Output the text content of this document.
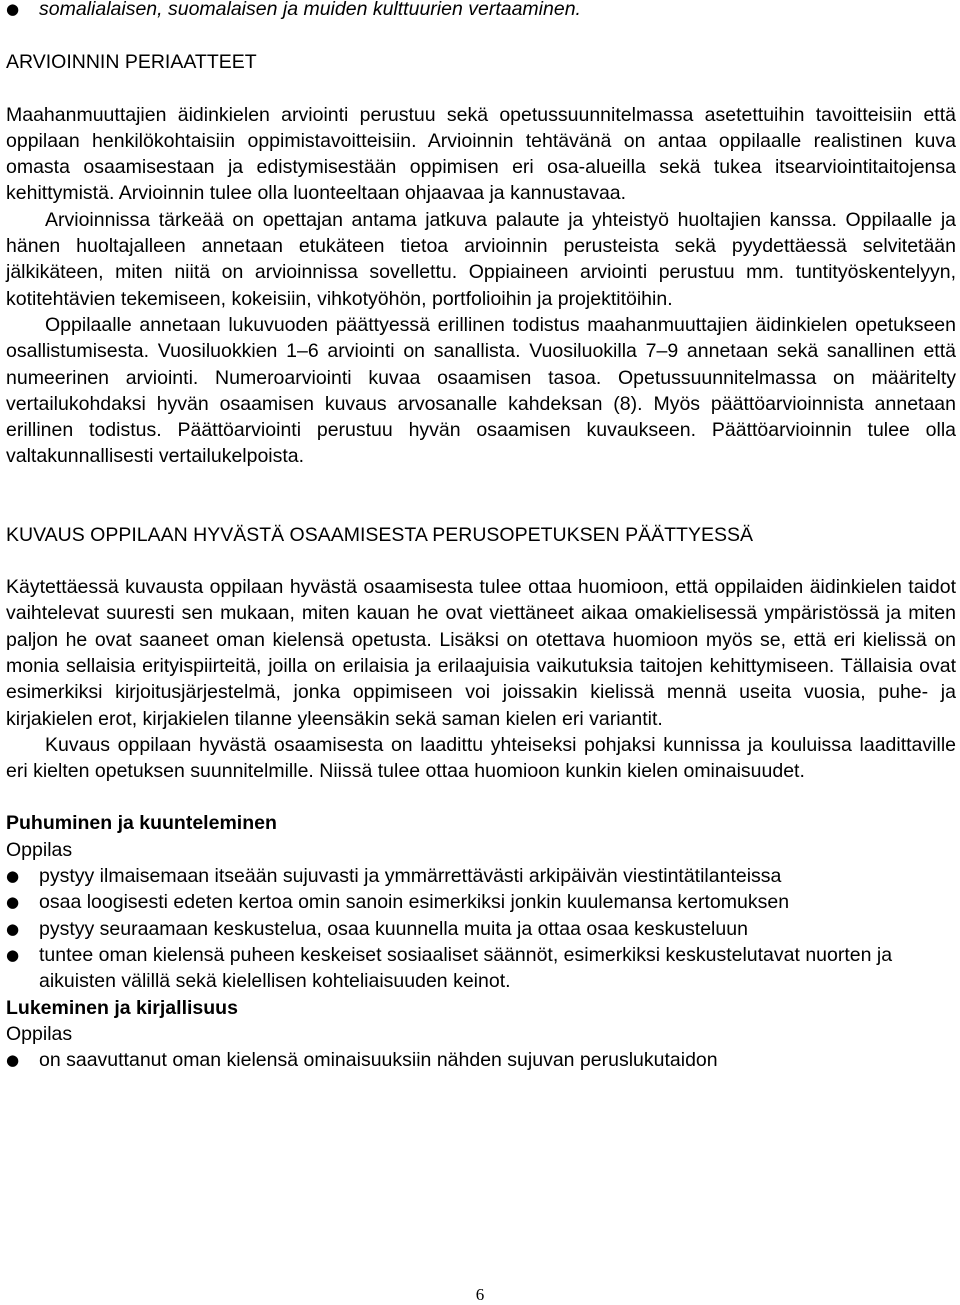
●	somalialaisen, suomalaisen ja muiden kulttuurien vertaaminen.

ARVIOINNIN PERIAATTEET

Maahanmuuttajien äidinkielen arviointi perustuu sekä opetussuunnitelmassa asetettuihin tavoitteisiin että oppilaan henkilökohtaisiin oppimistavoitteisiin. Arvioinnin tehtävänä on antaa oppilaalle realistinen kuva omasta osaamisestaan ja edistymisestään oppimisen eri osa-alueilla sekä tukea itsearviointitaitojensa kehittymistä. Arvioinnin tulee olla luonteeltaan ohjaavaa ja kannustavaa.

Arvioinnissa tärkeää on opettajan antama jatkuva palaute ja yhteistyö huoltajien kanssa. Oppilaalle ja hänen huoltajalleen annetaan etukäteen tietoa arvioinnin perusteista sekä pyydettäessä selvitetään jälkikäteen, miten niitä on arvioinnissa sovellettu. Oppiaineen arviointi perustuu mm. tuntityöskentelyyn, kotitehtävien tekemiseen, kokeisiin, vihkotyöhön, portfolioihin ja projektitöihin.

Oppilaalle annetaan lukuvuoden päättyessä erillinen todistus maahanmuuttajien äidinkielen opetukseen osallistumisesta. Vuosiluokkien 1–6 arviointi on sanallista. Vuosiluokilla 7–9 annetaan sekä sanallinen että numeerinen arviointi. Numeroarviointi kuvaa osaamisen tasoa. Opetussuunnitelmassa on määritelty vertailukohdaksi hyvän osaamisen kuvaus arvosanalle kahdeksan (8). Myös päättöarvioinnista annetaan erillinen todistus. Päättöarviointi perustuu hyvän osaamisen kuvaukseen. Päättöarvioinnin tulee olla valtakunnallisesti vertailukelpoista.

KUVAUS OPPILAAN HYVÄSTÄ OSAAMISESTA PERUSOPETUKSEN PÄÄTTYESSÄ

Käytettäessä kuvausta oppilaan hyvästä osaamisesta tulee ottaa huomioon, että oppilaiden äidinkielen taidot vaihtelevat suuresti sen mukaan, miten kauan he ovat viettäneet aikaa omakielisessä ympäristössä ja miten paljon he ovat saaneet oman kielensä opetusta. Lisäksi on otettava huomioon myös se, että eri kielissä on monia sellaisia erityispiirteitä, joilla on erilaisia ja erilaajuisia vaikutuksia taitojen kehittymiseen. Tällaisia ovat esimerkiksi kirjoitusjärjestelmä, jonka oppimiseen voi joissakin kielissä mennä useita vuosia, puhe- ja kirjakielen erot, kirjakielen tilanne yleensäkin sekä saman kielen eri variantit.

Kuvaus oppilaan hyvästä osaamisesta on laadittu yhteiseksi pohjaksi kunnissa ja kouluissa laadittaville eri kielten opetuksen suunnitelmille. Niissä tulee ottaa huomioon kunkin kielen ominaisuudet.

Puhuminen ja kuunteleminen

Oppilas

●	pystyy ilmaisemaan itseään sujuvasti ja ymmärrettävästi arkipäivän viestintätilanteissa

●	osaa loogisesti edeten kertoa omin sanoin esimerkiksi jonkin kuulemansa kertomuksen

●	pystyy seuraamaan keskustelua, osaa kuunnella muita ja ottaa osaa keskusteluun

●	tuntee oman kielensä puheen keskeiset sosiaaliset säännöt, esimerkiksi keskustelutavat nuorten ja aikuisten välillä sekä kielellisen kohteliaisuuden keinot.

Lukeminen ja kirjallisuus

Oppilas

●	on saavuttanut oman kielensä ominaisuuksiin nähden sujuvan peruslukutaidon

6
